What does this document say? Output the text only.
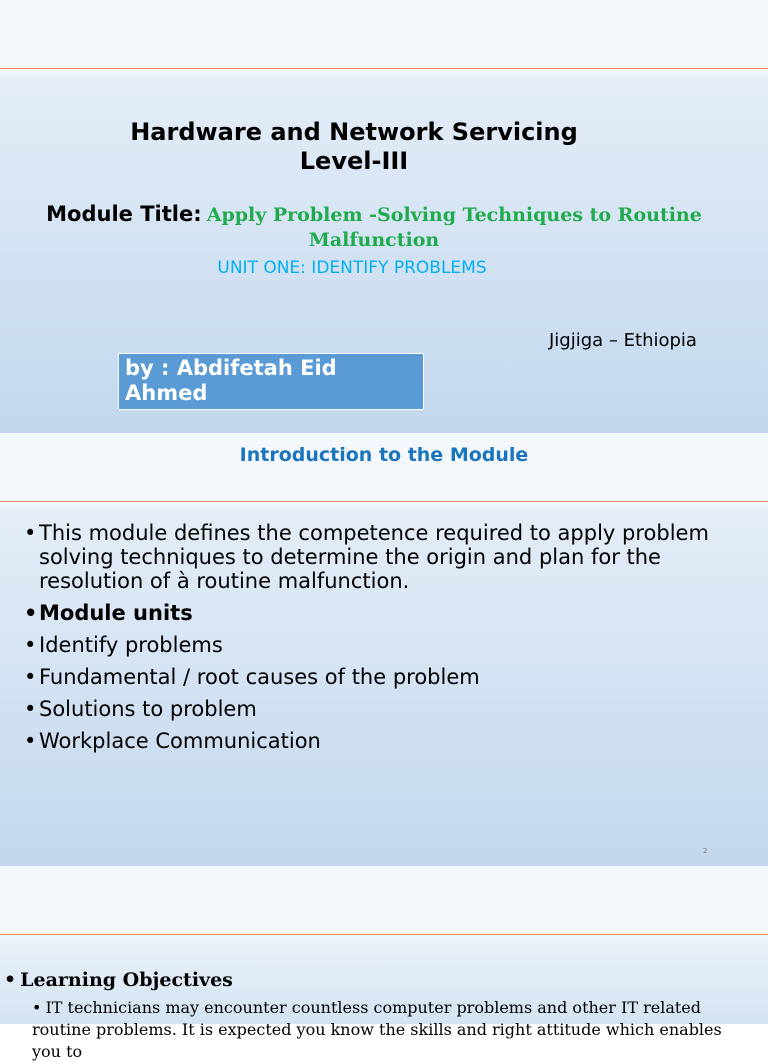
Hardware and Network Servicing
Level-III
Module Title: Apply Problem -Solving Techniques to Routine
Malfunction
UNIT ONE: IDENTIFY PROBLEMS
Jigjiga – Ethiopia
by : Abdifetah Eid
Ahmed
Introduction to the Module
• This module defines the competence required to apply problem solving techniques to determine the origin and plan for the resolution of à routine malfunction.
• Module units
• Identify problems
• Fundamental / root causes of the problem
• Solutions to problem
• Workplace Communication
2
• Learning Objectives
• IT technicians may encounter countless computer problems and other IT related routine problems. It is expected you know the skills and right attitude which enables you to
